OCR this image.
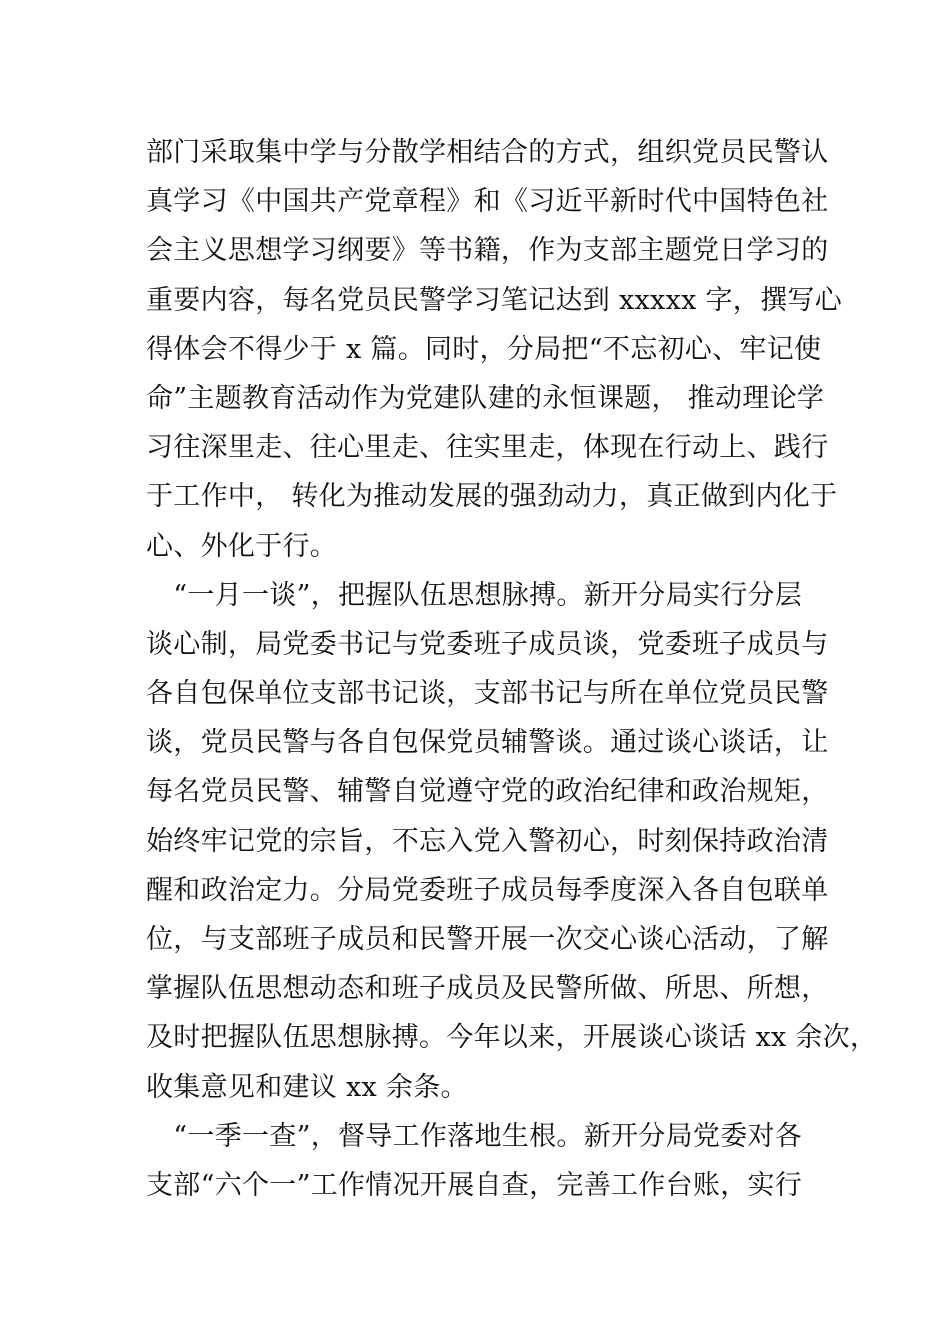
部门采取集中学与分散学相结合的方式，组织党员民警认
真学习《中国共产党章程》和《习近平新时代中国特色社
会主义思想学习纲要》等书籍，作为支部主题党日学习的
重要内容，每名党员民警学习笔记达到 xxxxx 字，撰写心
得体会不得少于 x 篇。同时，分局把“不忘初心、牢记使
命”主题教育活动作为党建队建的永恒课题， 推动理论学
习往深里走、往心里走、往实里走，体现在行动上、践行
于工作中， 转化为推动发展的强劲动力，真正做到内化于
心、外化于行。
　“一月一谈”，把握队伍思想脉搏。新开分局实行分层
谈心制，局党委书记与党委班子成员谈，党委班子成员与
各自包保单位支部书记谈，支部书记与所在单位党员民警
谈，党员民警与各自包保党员辅警谈。通过谈心谈话，让
每名党员民警、辅警自觉遵守党的政治纪律和政治规矩，
始终牢记党的宗旨，不忘入党入警初心，时刻保持政治清
醒和政治定力。分局党委班子成员每季度深入各自包联单
位，与支部班子成员和民警开展一次交心谈心活动，了解
掌握队伍思想动态和班子成员及民警所做、所思、所想，
及时把握队伍思想脉搏。今年以来，开展谈心谈话 xx 余次，
收集意见和建议 xx 余条。
　“一季一查”，督导工作落地生根。新开分局党委对各
支部“六个一”工作情况开展自查，完善工作台账，实行
